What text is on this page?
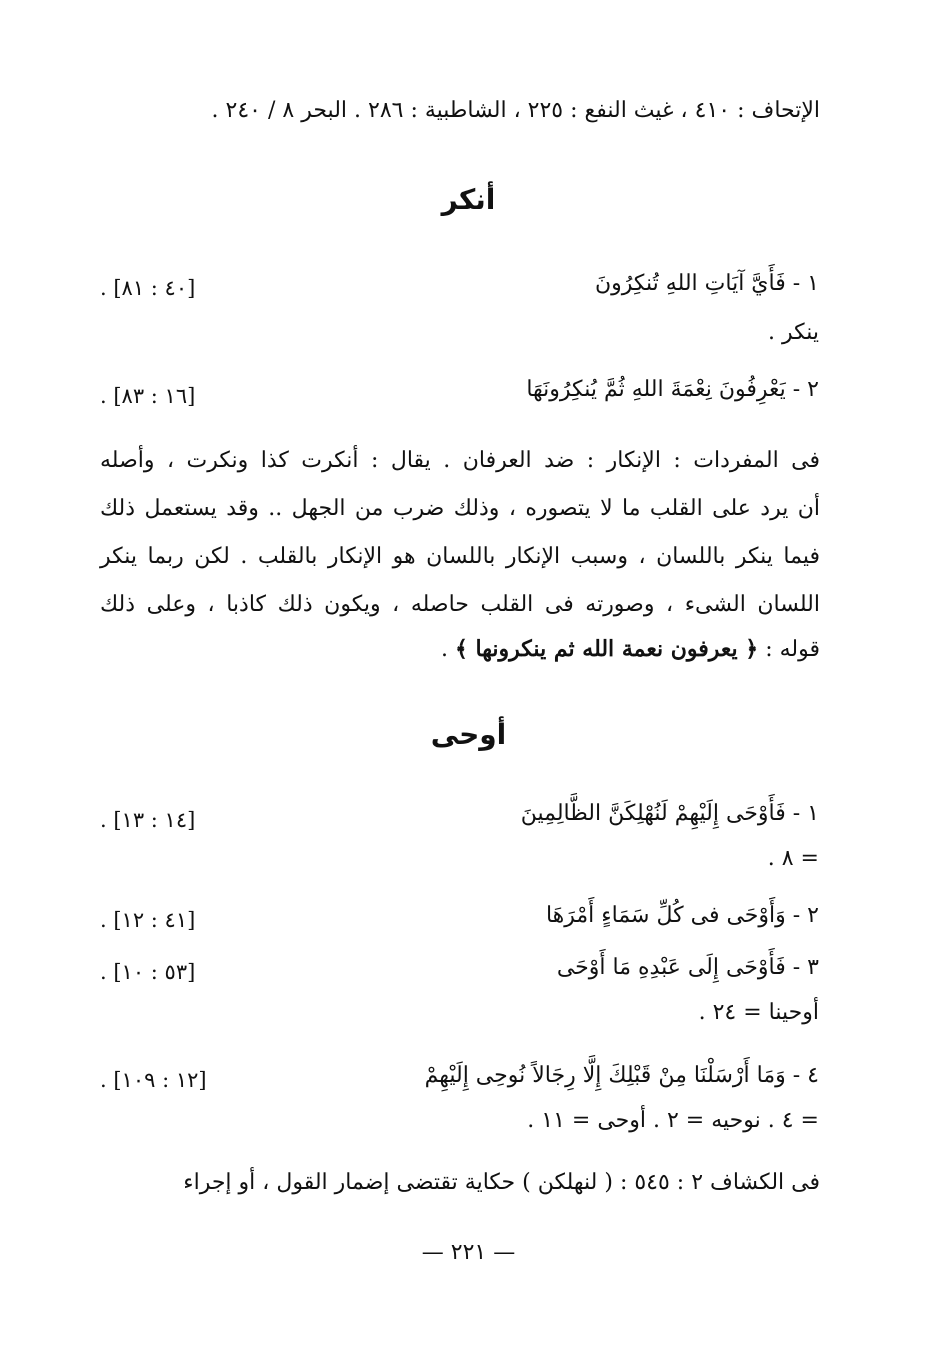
الإتحاف : ٤١٠ ، غيث النفع : ٢٢٥ ، الشاطبية : ٢٨٦ . البحر ٨ / ٢٤٠ .
أنكر
١ - فَأَيَّ آيَاتِ اللهِ تُنكِرُونَ
[٤٠ : ٨١] .
ينكر .
٢ - يَعْرِفُونَ نِعْمَةَ اللهِ ثُمَّ يُنكِرُونَهَا
[١٦ : ٨٣] .
فى المفردات : الإنكار : ضد العرفان . يقال : أنكرت كذا ونكرت ، وأصله
أن يرد على القلب ما لا يتصوره ، وذلك ضرب من الجهل .. وقد يستعمل ذلك
فيما ينكر باللسان ، وسبب الإنكار باللسان هو الإنكار بالقلب . لكن ربما ينكر
اللسان الشىء ، وصورته فى القلب حاصله ، ويكون ذلك كاذبا ، وعلى ذلك
قوله : ﴿ يعرفون نعمة الله ثم ينكرونها ﴾ .
أوحى
١ - فَأَوْحَى إِلَيْهِمْ لَنُهْلِكَنَّ الظَّالِمِينَ
[١٤ : ١٣] .
= ٨ .
٢ - وَأَوْحَى فى كُلِّ سَمَاءٍ أَمْرَهَا
[٤١ : ١٢] .
٣ - فَأَوْحَى إِلَى عَبْدِهِ مَا أَوْحَى
[٥٣ : ١٠] .
أوحينا = ٢٤ .
٤ - وَمَا أَرْسَلْنَا مِنْ قَبْلِكَ إِلَّا رِجَالاً نُوحِى إِلَيْهِمْ
[١٢ : ١٠٩] .
= ٤ . نوحيه = ٢ . أوحى = ١١ .
فى الكشاف ٢ : ٥٤٥ : ( لنهلكن ) حكاية تقتضى إضمار القول ، أو إجراء
— ٢٢١ —
